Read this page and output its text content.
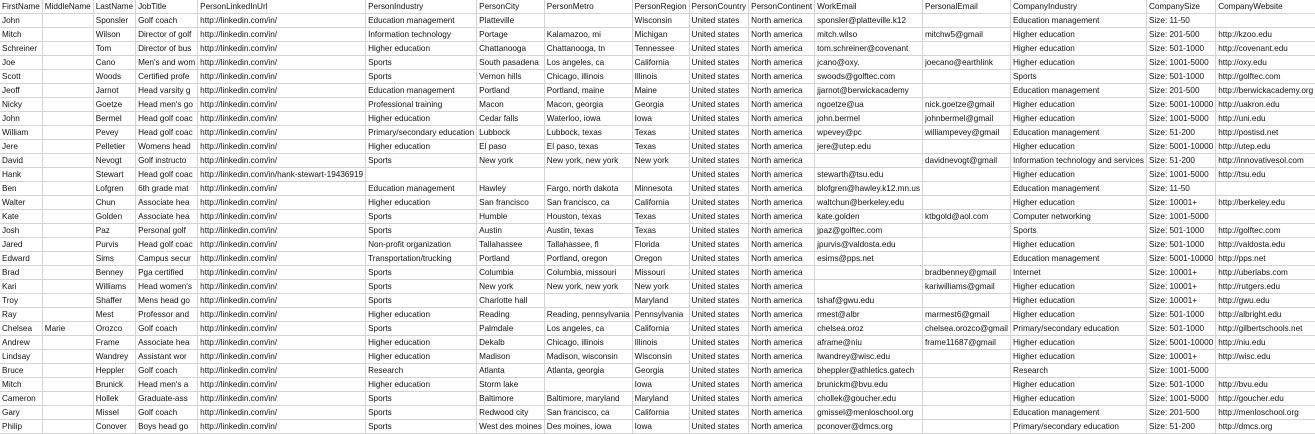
FirstName	MiddleName	LastName	JobTitle	PersonLinkedInUrl	PersonIndustry	PersonCity	PersonMetro	PersonRegion	PersonCountry	PersonContinent	WorkEmail	PersonalEmail	CompanyIndustry	CompanySize	CompanyWebsite
John		Sponsler	Golf coach	http://linkedin.com/in/	Education management	Platteville		Wisconsin	United states	North america	sponsler@platteville.k12		Education management	Size: 11-50	
Mitch		Wilson	Director of golf	http://linkedin.com/in/	Information technology	Portage	Kalamazoo, mi	Michigan	United states	North america	mitch.wilso	mitchw5@gmail	Higher education	Size: 201-500	http://kzoo.edu
Schreiner		Tom	Director of bus	http://linkedin.com/in/	Higher education	Chattanooga	Chattanooga, tn	Tennessee	United states	North america	tom.schreiner@covenant		Higher education	Size: 501-1000	http://covenant.edu
Joe		Cano	Men's and wom	http://linkedin.com/in/	Sports	South pasadena	Los angeles, ca	California	United states	North america	jcano@oxy.	joecano@earthlink	Higher education	Size: 1001-5000	http://oxy.edu
Scott		Woods	Certified profe	http://linkedin.com/in/	Sports	Vernon hills	Chicago, illinois	Illinois	United states	North america	swoods@golftec.com		Sports	Size: 501-1000	http://golftec.com
Jeoff		Jarnot	Head varsity g	http://linkedin.com/in/	Education management	Portland	Portland, maine	Maine	United states	North america	jjarnot@berwickacademy		Education management	Size: 201-500	http://berwickacademy.org
Nicky		Goetze	Head men's go	http://linkedin.com/in/	Professional training	Macon	Macon, georgia	Georgia	United states	North america	ngoetze@ua	nick.goetze@gmail	Higher education	Size: 5001-10000	http://uakron.edu
John		Bermel	Head golf coac	http://linkedin.com/in/	Higher education	Cedar falls	Waterloo, iowa	Iowa	United states	North america	john.bermel	johnbermel@gmail	Higher education	Size: 1001-5000	http://uni.edu
William		Pevey	Head golf coac	http://linkedin.com/in/	Primary/secondary education	Lubbock	Lubbock, texas	Texas	United states	North america	wpevey@pc	williampevey@gmail	Education management	Size: 51-200	http://postisd.net
Jere		Pelletier	Womens head	http://linkedin.com/in/	Higher education	El paso	El paso, texas	Texas	United states	North america	jere@utep.edu		Higher education	Size: 5001-10000	http://utep.edu
David		Nevogt	Golf instructo	http://linkedin.com/in/	Sports	New york	New york, new york	New york	United states	North america		davidnevogt@gmail	Information technology and services	Size: 51-200	http://innovativesol.com
Hank		Stewart	Head golf coac	http://linkedin.com/in/hank-stewart-19436919					United states	North america	stewarth@tsu.edu		Higher education	Size: 1001-5000	http://tsu.edu
Ben		Lofgren	6th grade mat	http://linkedin.com/in/	Education management	Hawley	Fargo, north dakota	Minnesota	United states	North america	blofgren@hawley.k12.mn.us		Education management	Size: 11-50	
Walter		Chun	Associate hea	http://linkedin.com/in/	Higher education	San francisco	San francisco, ca	California	United states	North america	waltchun@berkeley.edu		Higher education	Size: 10001+	http://berkeley.edu
Kate		Golden	Associate hea	http://linkedin.com/in/	Sports	Humble	Houston, texas	Texas	United states	North america	kate.golden	ktbgold@aol.com	Computer networking	Size: 1001-5000	
Josh		Paz	Personal golf	http://linkedin.com/in/	Sports	Austin	Austin, texas	Texas	United states	North america	jpaz@golftec.com		Sports	Size: 501-1000	http://golftec.com
Jared		Purvis	Head golf coac	http://linkedin.com/in/	Non-profit organization	Tallahassee	Tallahassee, fl	Florida	United states	North america	jpurvis@valdosta.edu		Higher education	Size: 501-1000	http://valdosta.edu
Edward		Sims	Campus secur	http://linkedin.com/in/	Transportation/trucking	Portland	Portland, oregon	Oregon	United states	North america	esims@pps.net		Education management	Size: 5001-10000	http://pps.net
Brad		Benney	Pga certified	http://linkedin.com/in/	Sports	Columbia	Columbia, missouri	Missouri	United states	North america		bradbenney@gmail	Internet	Size: 10001+	http://uberlabs.com
Kari		Williams	Head women's	http://linkedin.com/in/	Sports	New york	New york, new york	New york	United states	North america		kariwilliams@gmail	Higher education	Size: 10001+	http://rutgers.edu
Troy		Shaffer	Mens head go	http://linkedin.com/in/	Sports	Charlotte hall		Maryland	United states	North america	tshaf@gwu.edu		Higher education	Size: 10001+	http://gwu.edu
Ray		Mest	Professor and	http://linkedin.com/in/	Higher education	Reading	Reading, pennsylvania	Pennsylvania	United states	North america	rmest@albr	marmest6@gmail	Higher education	Size: 501-1000	http://albright.edu
Chelsea	Marie	Orozco	Golf coach	http://linkedin.com/in/	Sports	Palmdale	Los angeles, ca	California	United states	North america	chelsea.oroz	chelsea.orozco@gmail	Primary/secondary education	Size: 501-1000	http://gilbertschools.net
Andrew		Frame	Associate hea	http://linkedin.com/in/	Higher education	Dekalb	Chicago, illinois	Illinois	United states	North america	aframe@niu	frame11687@gmail	Higher education	Size: 5001-10000	http://niu.edu
Lindsay		Wandrey	Assistant wor	http://linkedin.com/in/	Higher education	Madison	Madison, wisconsin	Wisconsin	United states	North america	lwandrey@wisc.edu		Higher education	Size: 10001+	http://wisc.edu
Bruce		Heppler	Golf coach	http://linkedin.com/in/	Research	Atlanta	Atlanta, georgia	Georgia	United states	North america	bheppler@athletics.gatech		Research	Size: 1001-5000	
Mitch		Brunick	Head men's a	http://linkedin.com/in/	Higher education	Storm lake		Iowa	United states	North america	brunickm@bvu.edu		Higher education	Size: 501-1000	http://bvu.edu
Cameron		Hollek	Graduate-ass	http://linkedin.com/in/	Sports	Baltimore	Baltimore, maryland	Maryland	United states	North america	chollek@goucher.edu		Higher education	Size: 1001-5000	http://goucher.edu
Gary		Missel	Golf coach	http://linkedin.com/in/	Sports	Redwood city	San francisco, ca	California	United states	North america	gmissel@menloschool.org		Education management	Size: 201-500	http://menloschool.org
Philip		Conover	Boys head go	http://linkedin.com/in/	Sports	West des moines	Des moines, iowa	Iowa	United states	North america	pconover@dmcs.org		Primary/secondary education	Size: 51-200	http://dmcs.org
